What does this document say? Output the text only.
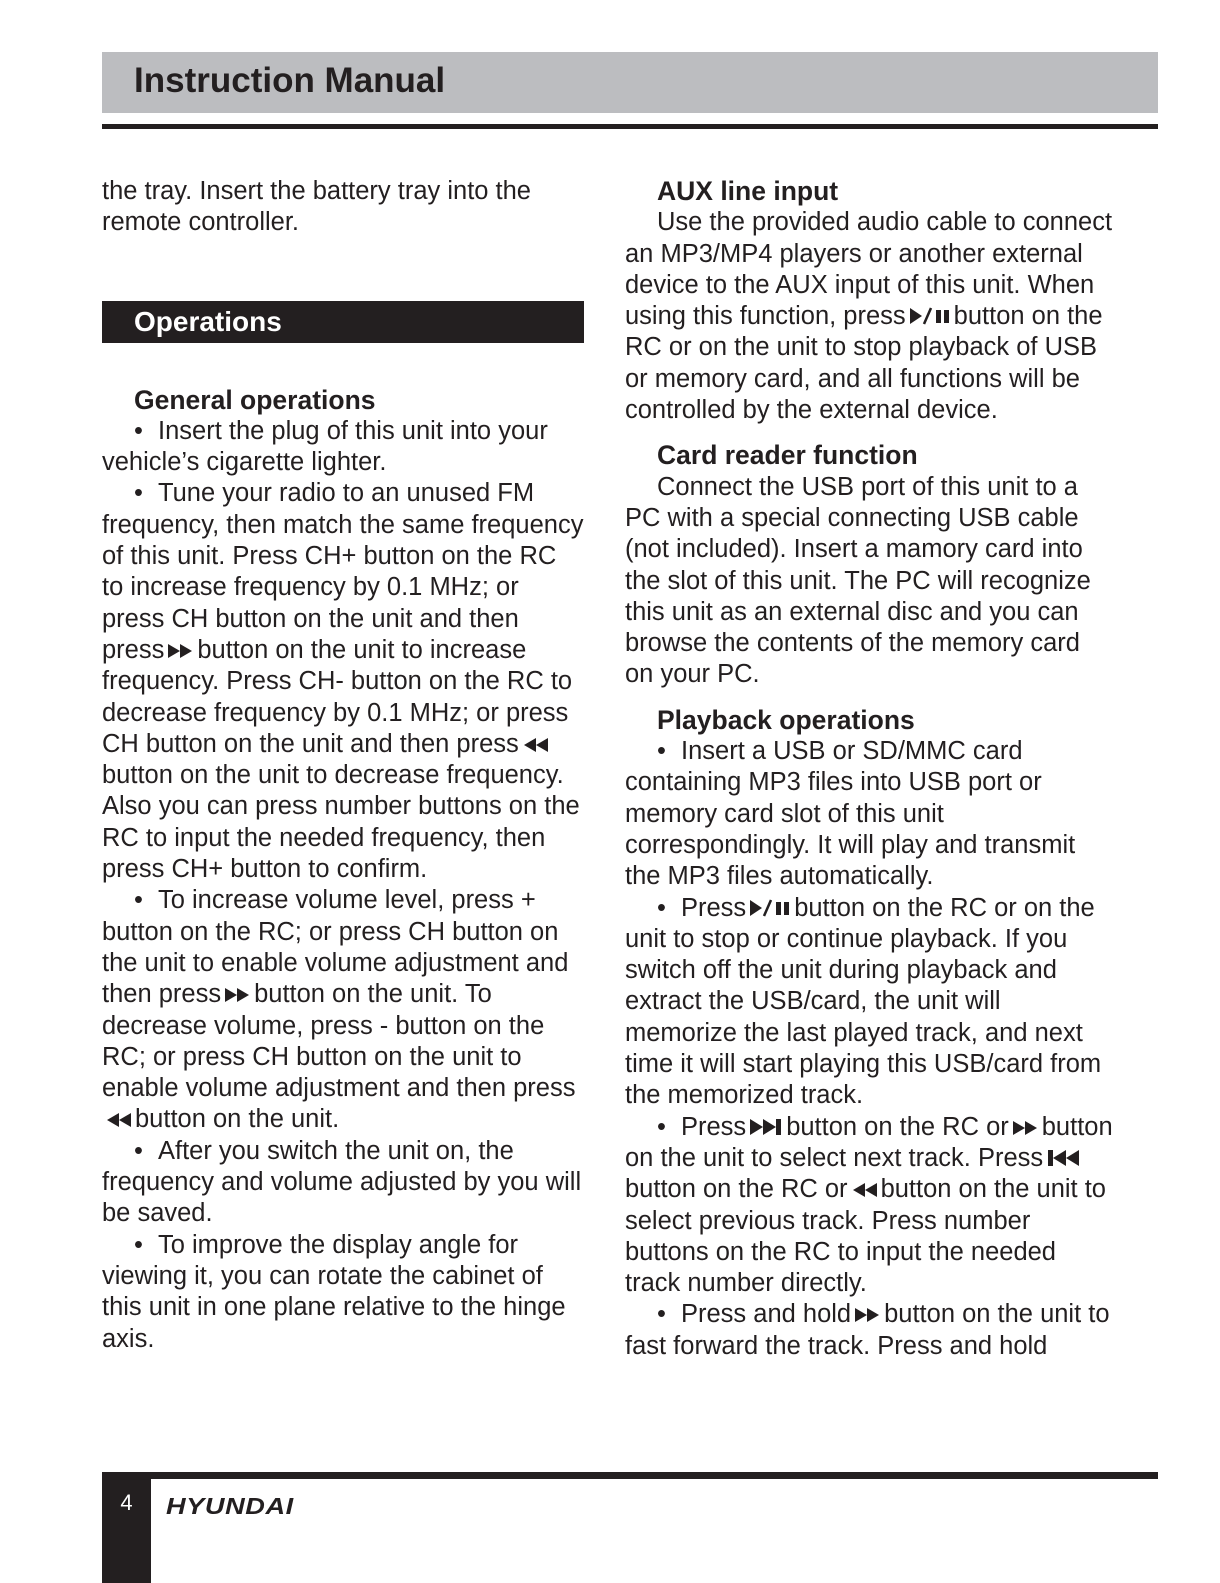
Instruction Manual

the tray. Insert the battery tray into the remote controller.

Operations

General operations

• Insert the plug of this unit into your vehicle’s cigarette lighter.

• Tune your radio to an unused FM frequency, then match the same frequency of this unit. Press CH+ button on the RC to increase frequency by 0.1 MHz; or press CH button on the unit and then press button on the unit to increase frequency. Press CH- button on the RC to decrease frequency by 0.1 MHz; or press CH button on the unit and then press
button on the unit to decrease frequency. Also you can press number buttons on the RC to input the needed frequency, then press CH+ button to confirm.

• To increase volume level, press + button on the RC; or press CH button on the unit to enable volume adjustment and then press button on the unit. To decrease volume, press - button on the RC; or press CH button on the unit to enable volume adjustment and then press
button on the unit.

• After you switch the unit on, the frequency and volume adjusted by you will be saved.

• To improve the display angle for viewing it, you can rotate the cabinet of this unit in one plane relative to the hinge axis.

AUX line input

Use the provided audio cable to connect an MP3/MP4 players or another external device to the AUX input of this unit. When using this function, press button on the RC or on the unit to stop playback of USB or memory card, and all functions will be controlled by the external device.

Card reader function

Connect the USB port of this unit to a PC with a special connecting USB cable (not included). Insert a mamory card into the slot of this unit. The PC will recognize this unit as an external disc and you can browse the contents of the memory card on your PC.

Playback operations

• Insert a USB or SD/MMC card containing MP3 files into USB port or memory card slot of this unit correspondingly. It will play and transmit the MP3 files automatically.

• Press button on the RC or on the unit to stop or continue playback. If you switch off the unit during playback and extract the USB/card, the unit will memorize the last played track, and next time it will start playing this USB/card from the memorized track.

• Press button on the RC or button on the unit to select next track. Press
button on the RC or button on the unit to select previous track. Press number buttons on the RC to input the needed track number directly.

• Press and hold button on the unit to fast forward the track. Press and hold

4	HYUNDAI
